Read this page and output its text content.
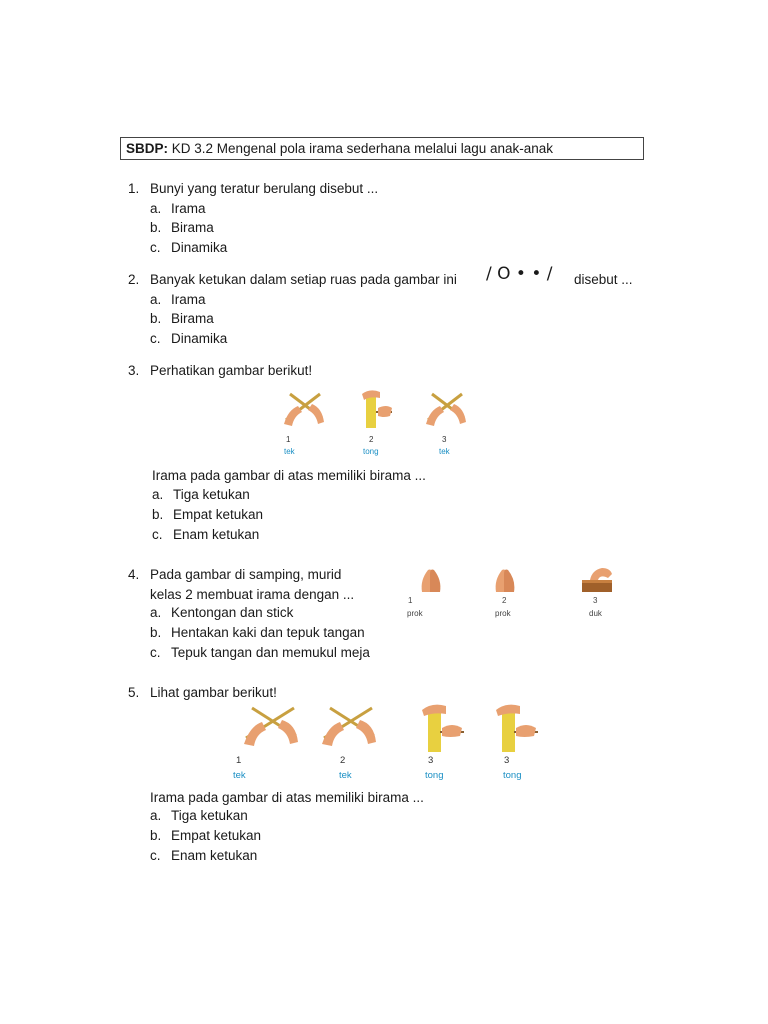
SBDP: KD 3.2 Mengenal pola irama sederhana melalui lagu anak-anak
1. Bunyi yang teratur berulang disebut ...
a. Irama
b. Birama
c. Dinamika
2. Banyak ketukan dalam setiap ruas pada gambar ini / O • • / disebut ...
a. Irama
b. Birama
c. Dinamika
3. Perhatikan gambar berikut!
1
tek
2
tong
3
tek
Irama pada gambar di atas memiliki birama ...
a. Tiga ketukan
b. Empat ketukan
c. Enam ketukan
4. Pada gambar di samping, murid
kelas 2 membuat irama dengan ...	1
prok
2
prok
3
duk
a. Kentongan dan stick
b. Hentakan kaki dan tepuk tangan
c. Tepuk tangan dan memukul meja
5. Lihat gambar berikut!
1
tek
2
tek
3
tong
3
tong
Irama pada gambar di atas memiliki birama ...
a. Tiga ketukan
b. Empat ketukan
c. Enam ketukan
